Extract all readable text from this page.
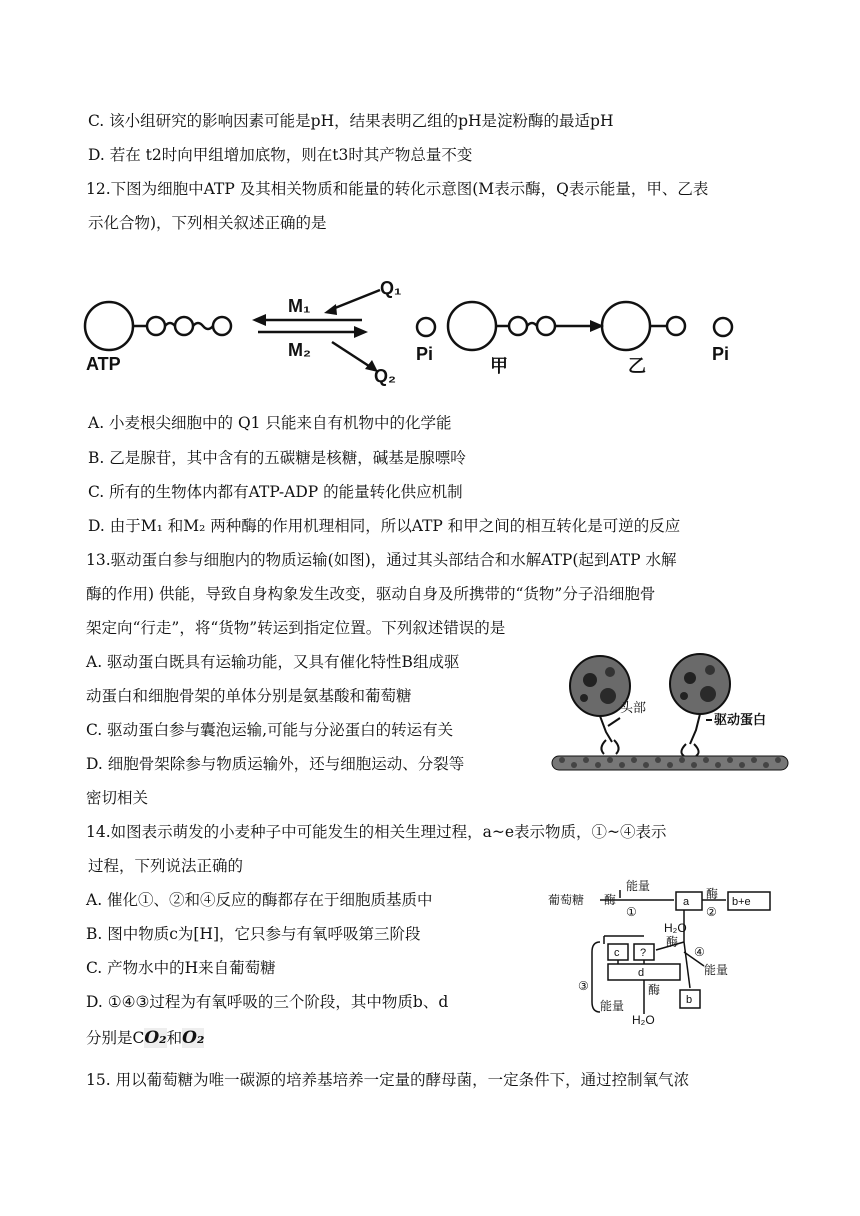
C. 该小组研究的影响因素可能是pH，结果表明乙组的pH是淀粉酶的最适pH
D. 若在 t2时向甲组增加底物，则在t3时其产物总量不变
12.下图为细胞中ATP 及其相关物质和能量的转化示意图(M表示酶，Q表示能量，甲、乙表
示化合物)，下列相关叙述正确的是
ATP
M₁
M₂
Q₁
Q₂
Pi
甲	乙
Pi
A. 小麦根尖细胞中的 Q1 只能来自有机物中的化学能
B. 乙是腺苷，其中含有的五碳糖是核糖，碱基是腺嘌呤
C. 所有的生物体内都有ATP-ADP 的能量转化供应机制
D. 由于M₁ 和M₂ 两种酶的作用机理相同，所以ATP 和甲之间的相互转化是可逆的反应
13.驱动蛋白参与细胞内的物质运输(如图)，通过其头部结合和水解ATP(起到ATP 水解
酶的作用) 供能，导致自身构象发生改变，驱动自身及所携带的“货物”分子沿细胞骨
架定向“行走”，将“货物”转运到指定位置。下列叙述错误的是
A. 驱动蛋白既具有运输功能，又具有催化特性B组成驱
动蛋白和细胞骨架的单体分别是氨基酸和葡萄糖
C. 驱动蛋白参与囊泡运输,可能与分泌蛋白的转运有关
D. 细胞骨架除参与物质运输外，还与细胞运动、分裂等
密切相关
头部
驱动蛋白
14.如图表示萌发的小麦种子中可能发生的相关生理过程，a~e表示物质，①~④表示
过程，下列说法正确的
A. 催化①、②和④反应的酶都存在于细胞质基质中
B. 图中物质c为[H]，它只参与有氧呼吸第三阶段
C. 产物水中的H来自葡萄糖
D. ①④③过程为有氧呼吸的三个阶段，其中物质b、d
分别是CO₂和O₂
葡萄糖 酶
①
能量
酶
②
H₂O
酶
④
能量
③	酶
能量
H₂O
a	b+e
c ?
d
b
15. 用以葡萄糖为唯一碳源的培养基培养一定量的酵母菌，一定条件下，通过控制氧气浓
